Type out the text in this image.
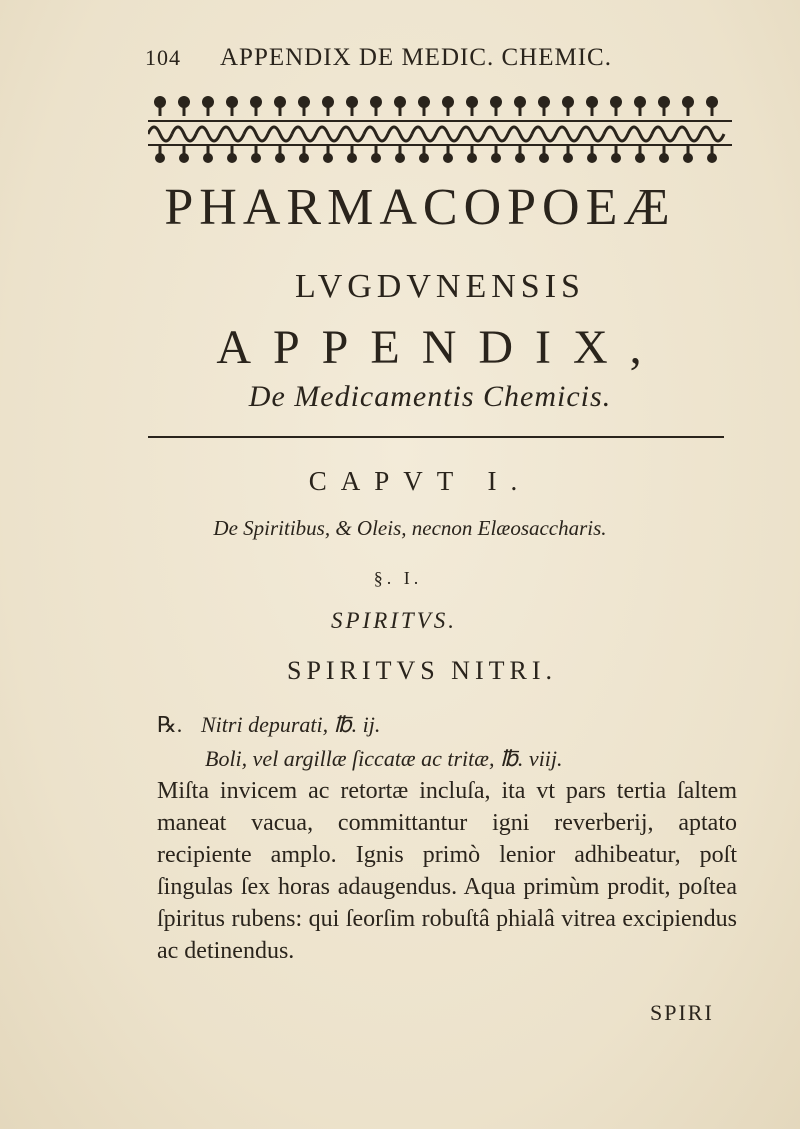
104	APPENDIX DE MEDIC. CHEMIC.
PHARMACOPOEÆ
LVGDVNENSIS
APPENDIX,
De Medicamentis Chemicis.
CAPVT I.
De Spiritibus, & Oleis, necnon Elæosaccharis.
§. I.
SPIRITVS.
SPIRITVS NITRI.
℞. Nitri depurati, ℔. ij.
Boli, vel argillæ ſiccatæ ac tritæ, ℔. viij.

Miſta invicem ac retortæ incluſa, ita vt pars tertia ſaltem maneat vacua, committantur igni reverberij, aptato recipiente amplo. Ignis primò lenior adhibeatur, poſt ſingulas ſex horas adaugendus. Aqua primùm prodit, poſtea ſpiritus rubens: qui ſeorſim robuſtâ phialâ vitrea excipiendus ac detinendus.

SPIRI
